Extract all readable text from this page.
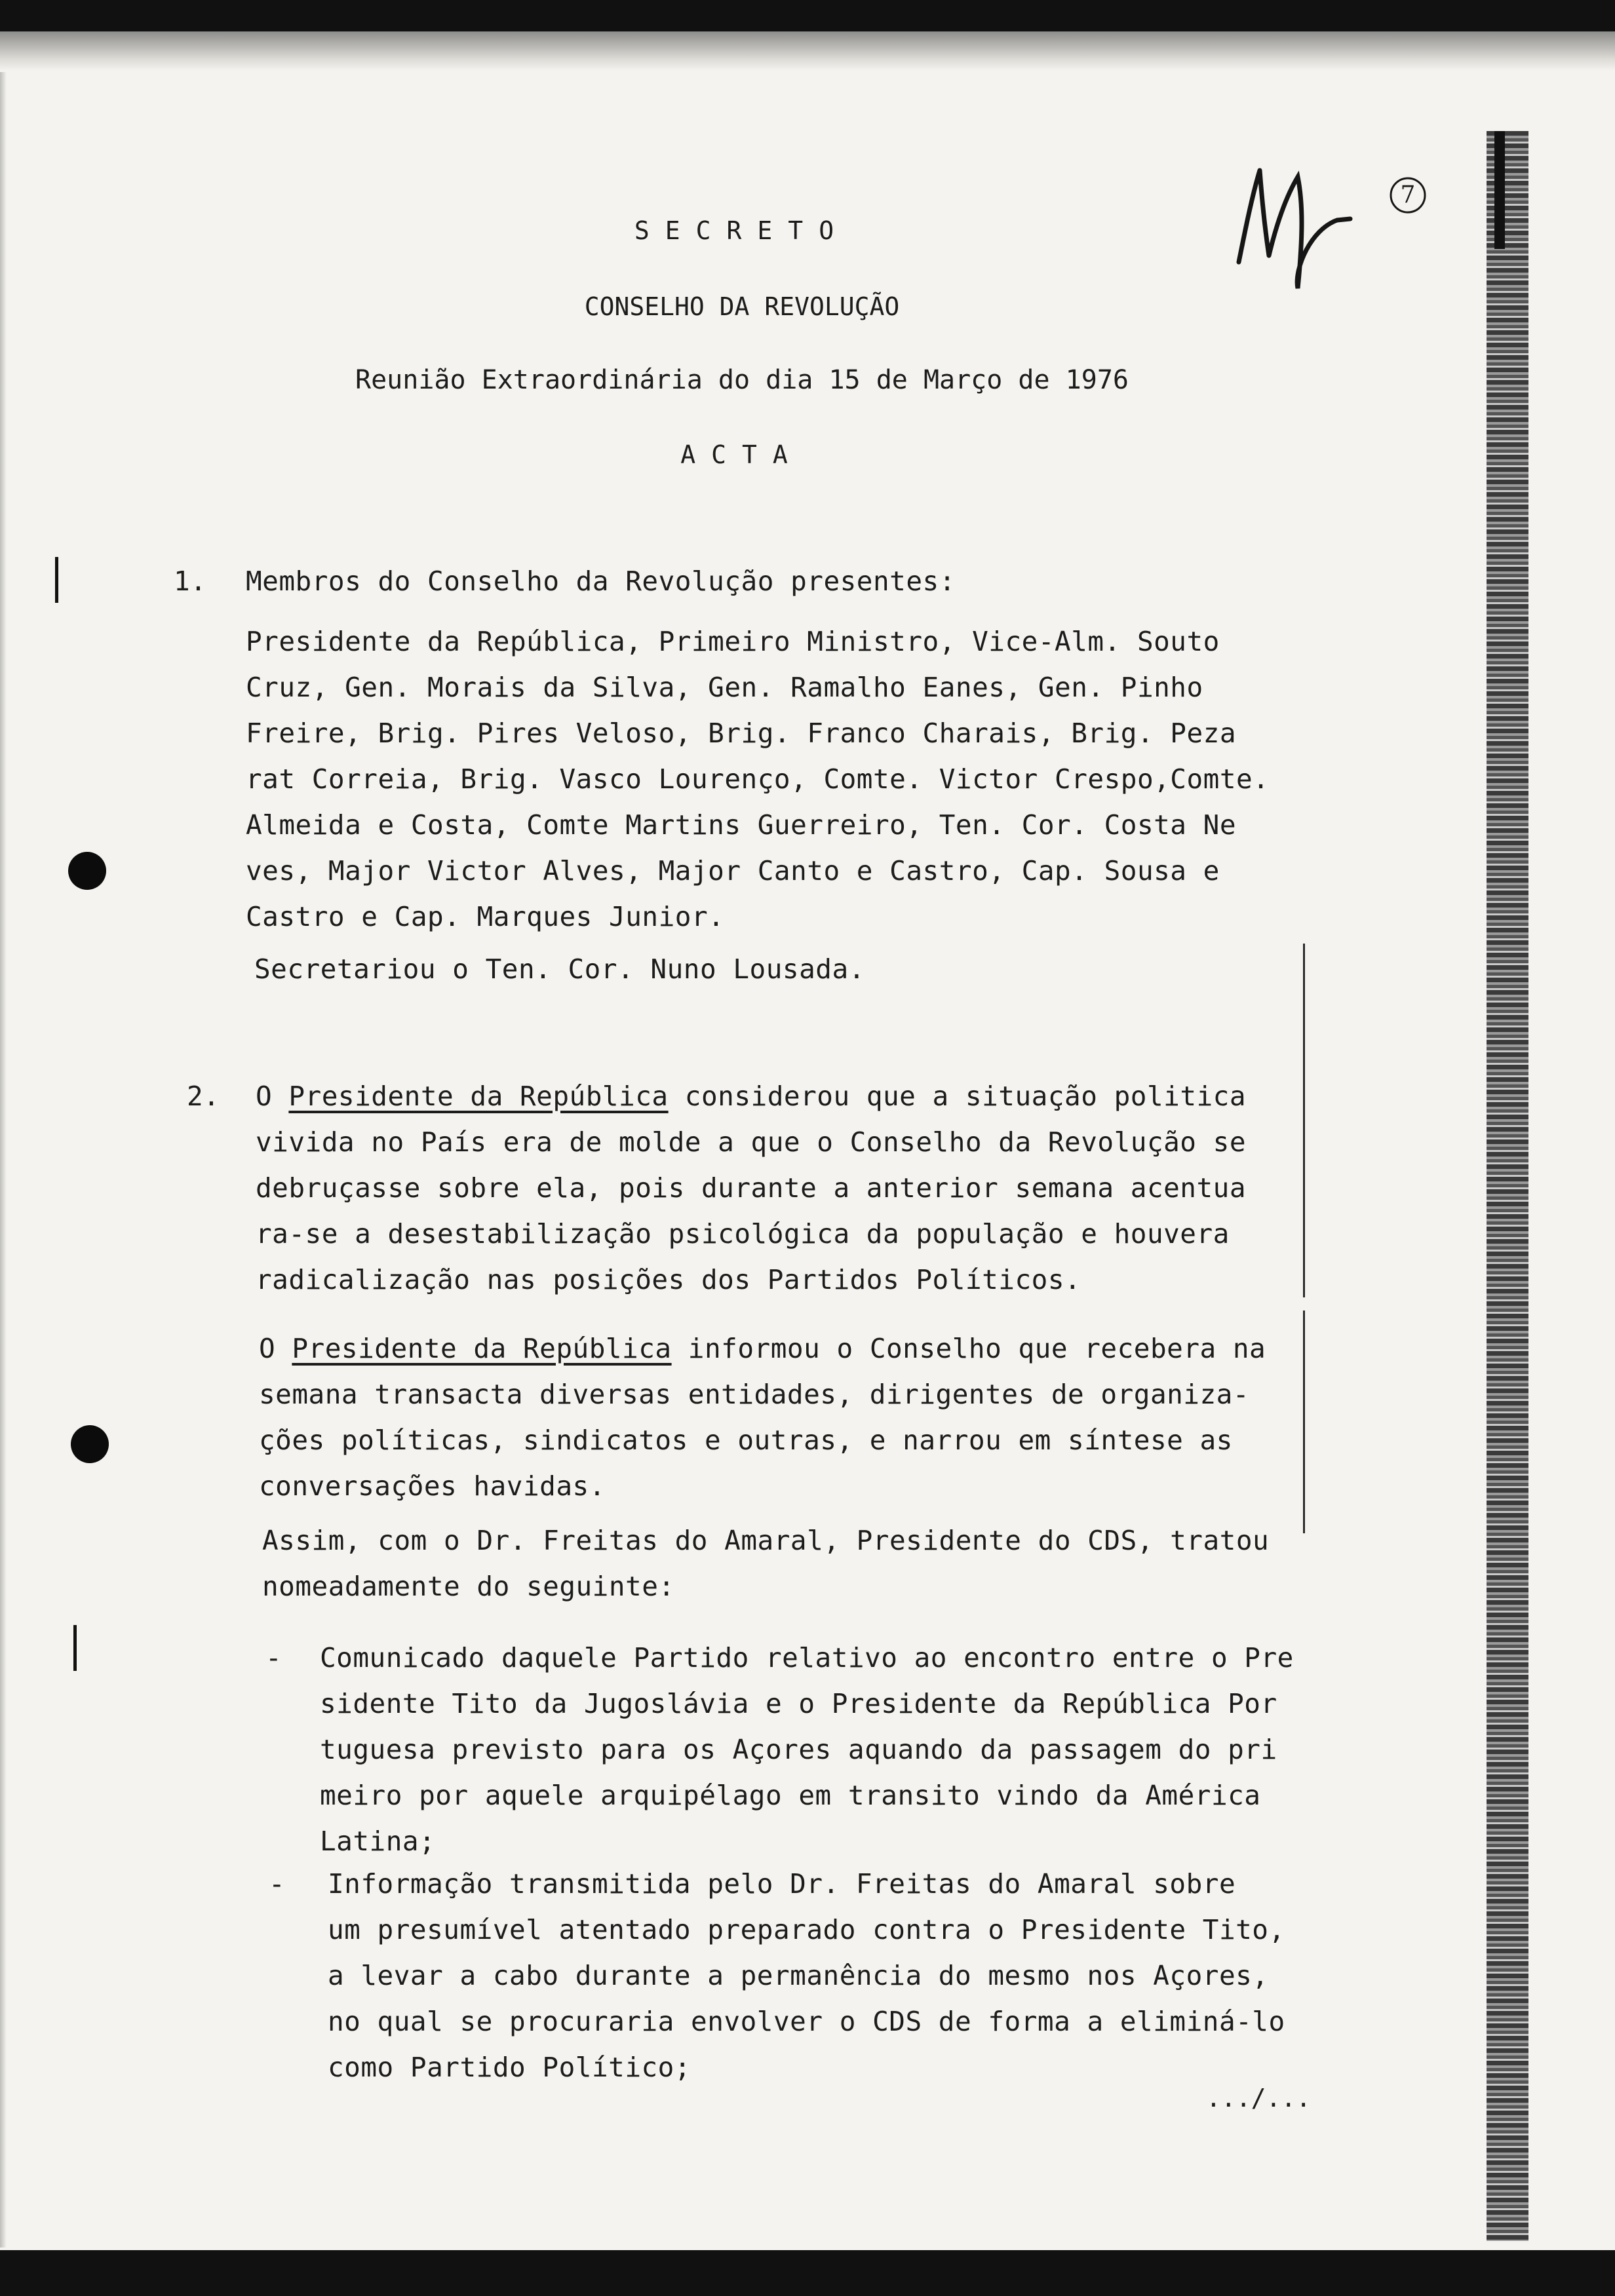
7
SECRETO
CONSELHO DA REVOLUÇÃO
Reunião Extraordinária do dia 15 de Março de 1976
ACTA
1. Membros do Conselho da Revolução presentes:
Presidente da República, Primeiro Ministro, Vice-Alm. Souto
Cruz, Gen. Morais da Silva, Gen. Ramalho Eanes, Gen. Pinho
Freire, Brig. Pires Veloso, Brig. Franco Charais, Brig. Peza
rat Correia, Brig. Vasco Lourenço, Comte. Victor Crespo,Comte.
Almeida e Costa, Comte Martins Guerreiro, Ten. Cor. Costa Ne
ves, Major Victor Alves, Major Canto e Castro, Cap. Sousa e
Castro e Cap. Marques Junior.
Secretariou o Ten. Cor. Nuno Lousada.
2. O Presidente da República considerou que a situação politica
vivida no País era de molde a que o Conselho da Revolução se
debruçasse sobre ela, pois durante a anterior semana acentua
ra-se a desestabilização psicológica da população e houvera
radicalização nas posições dos Partidos Políticos.
O Presidente da República informou o Conselho que recebera na
semana transacta diversas entidades, dirigentes de organiza-
ções políticas, sindicatos e outras, e narrou em síntese as
conversações havidas.
Assim, com o Dr. Freitas do Amaral, Presidente do CDS, tratou
nomeadamente do seguinte:
- Comunicado daquele Partido relativo ao encontro entre o Pre
sidente Tito da Jugoslávia e o Presidente da República Por
tuguesa previsto para os Açores aquando da passagem do pri
meiro por aquele arquipélago em transito vindo da América
Latina;
- Informação transmitida pelo Dr. Freitas do Amaral sobre
um presumível atentado preparado contra o Presidente Tito,
a levar a cabo durante a permanência do mesmo nos Açores,
no qual se procuraria envolver o CDS de forma a eliminá-lo
como Partido Político;
.../...
